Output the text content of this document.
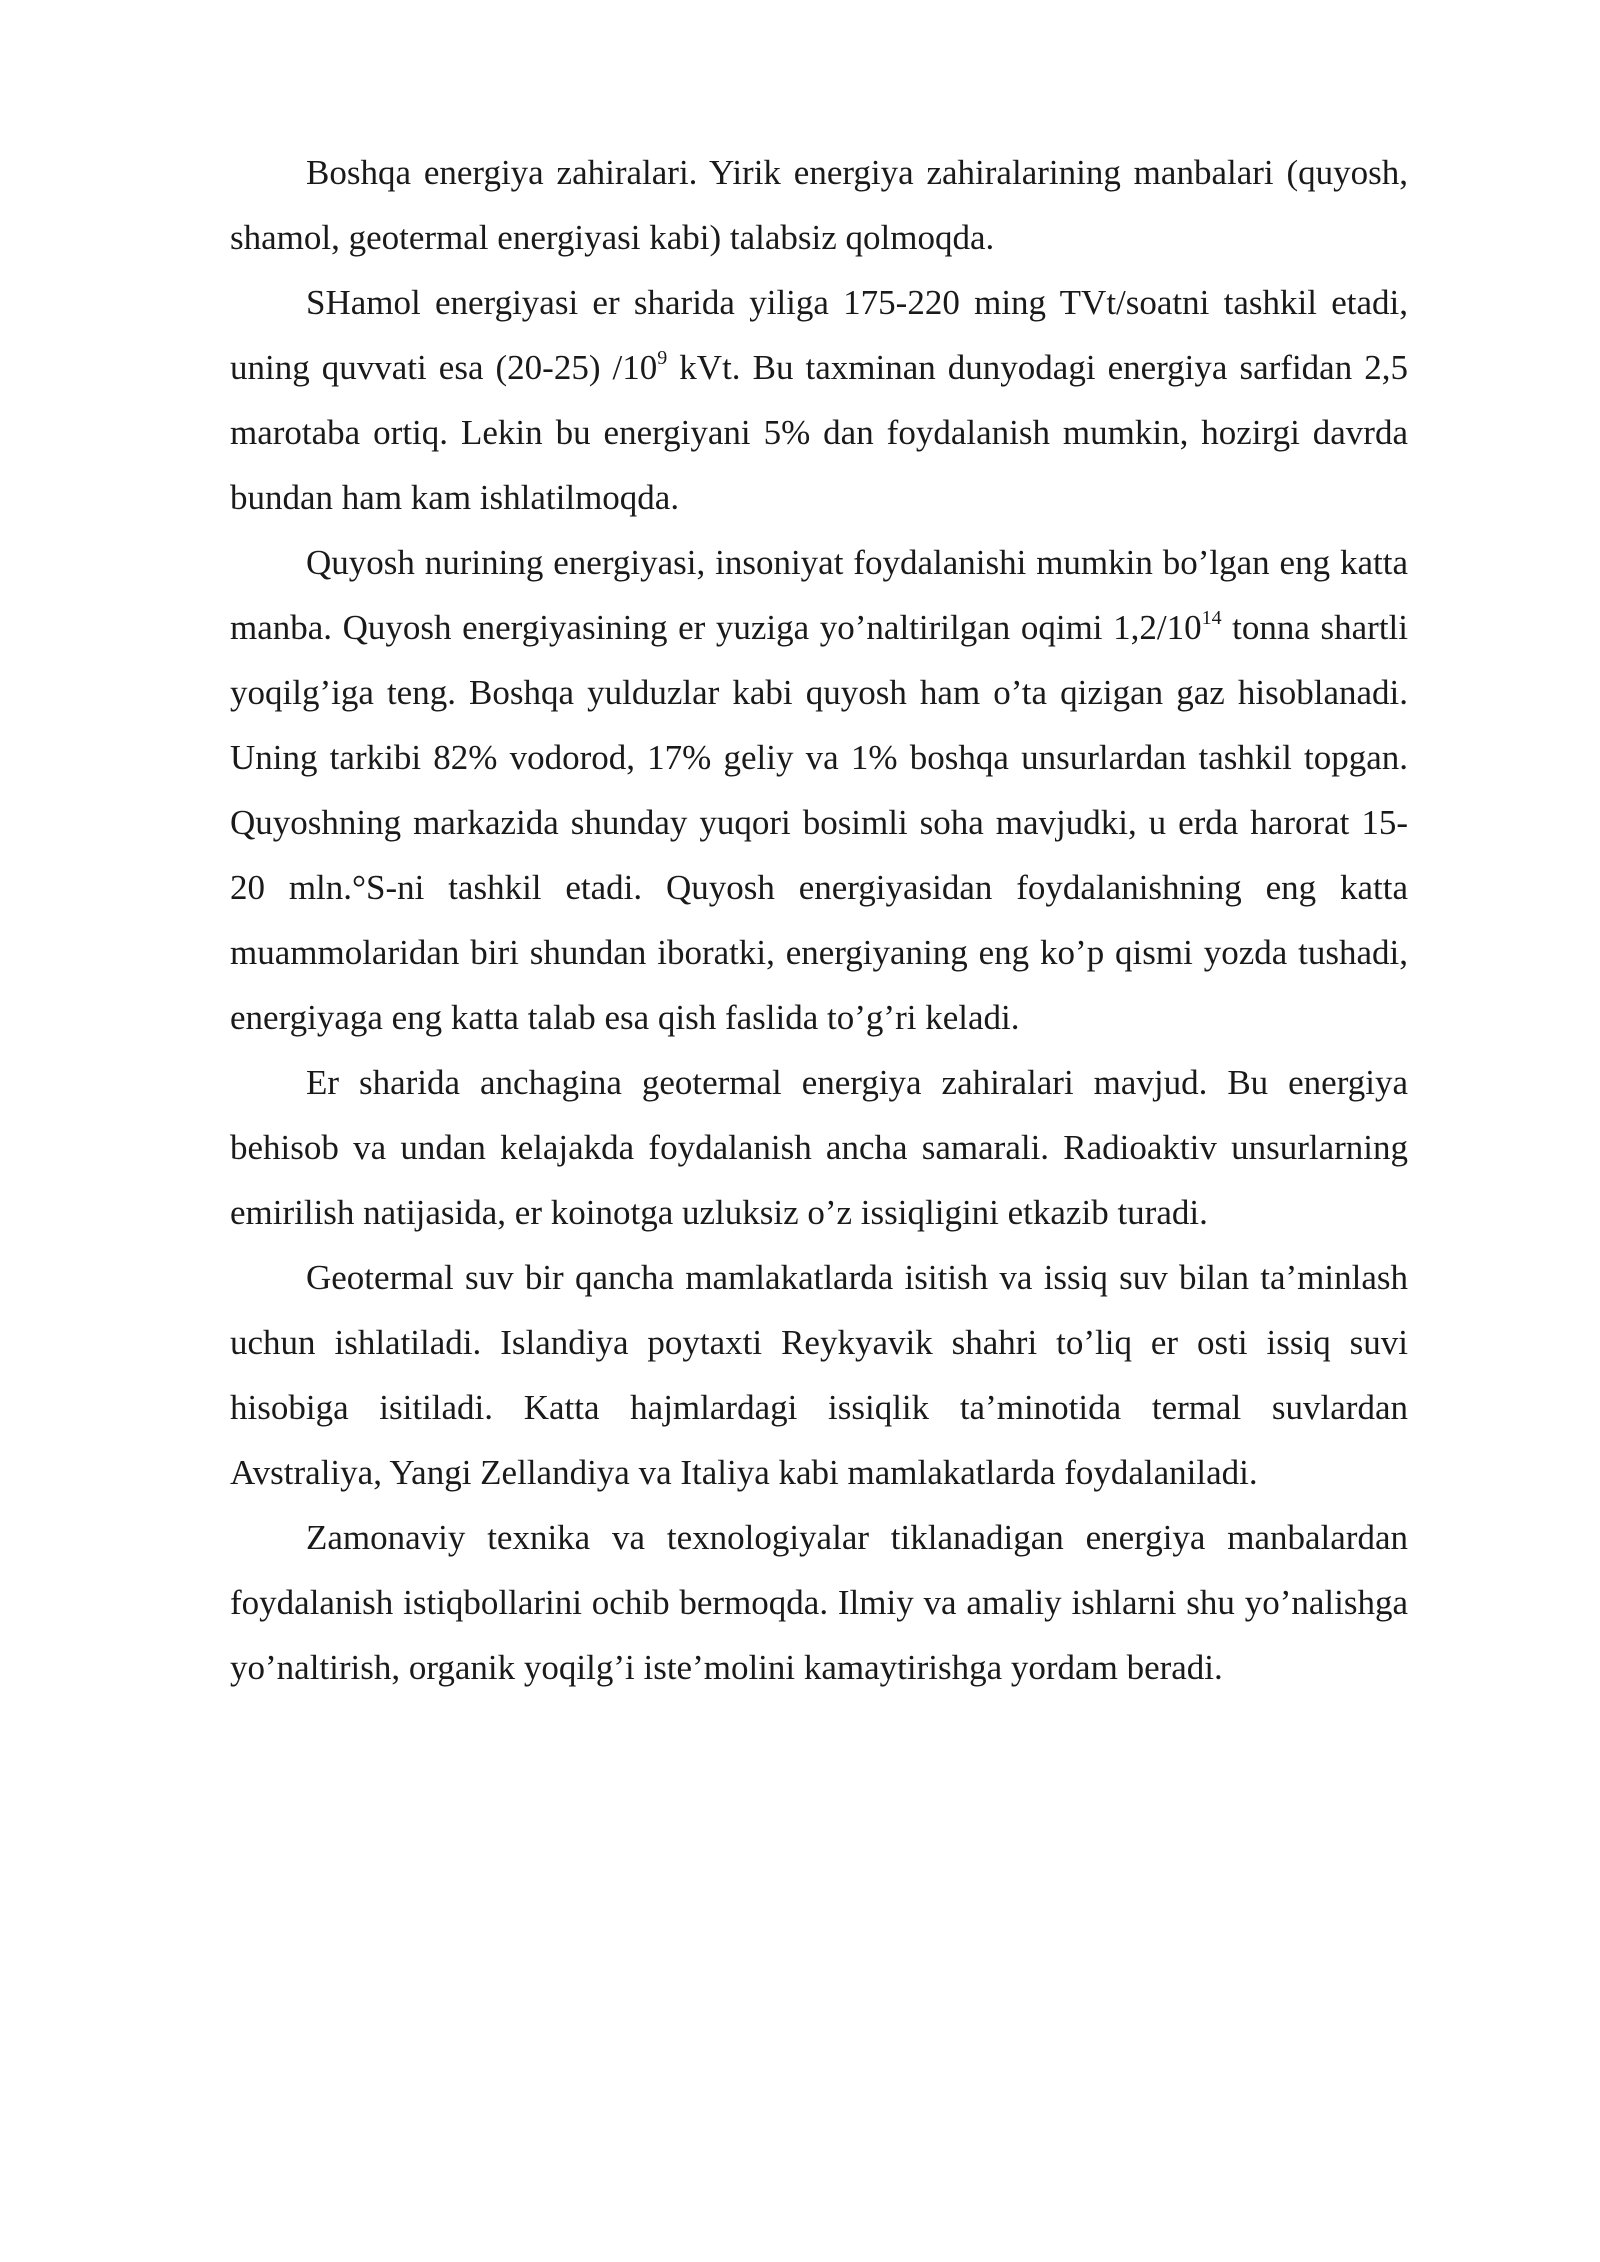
Boshqa energiya zahiralari. Yirik energiya zahiralarining manbalari (quyosh, shamol, geotermal energiyasi kabi) talabsiz qolmoqda.

SHamol energiyasi er sharida yiliga 175-220 ming TVt/soatni tashkil etadi, uning quvvati esa (20-25) $/10^9$ kVt. Bu taxminan dunyodagi energiya sarfidan 2,5 marotaba ortiq. Lekin bu energiyani 5% dan foydalanish mumkin, hozirgi davrda bundan ham kam ishlatilmoqda.

Quyosh nurining energiyasi, insoniyat foydalanishi mumkin bo’lgan eng katta manba. Quyosh energiyasining er yuziga yo’naltirilgan oqimi $1,2/10^{14}$ tonna shartli yoqilg’iga teng. Boshqa yulduzlar kabi quyosh ham o’ta qizigan gaz hisoblanadi. Uning tarkibi 82% vodorod, 17% geliy va 1% boshqa unsurlardan tashkil topgan. Quyoshning markazida shunday yuqori bosimli soha mavjudki, u erda harorat 15-20 mln.°S-ni tashkil etadi. Quyosh energiyasidan foydalanishning eng katta muammolaridan biri shundan iboratki, energiyaning eng ko’p qismi yozda tushadi, energiyaga eng katta talab esa qish faslida to’g’ri keladi.

Er sharida anchagina geotermal energiya zahiralari mavjud. Bu energiya behisob va undan kelajakda foydalanish ancha samarali. Radioaktiv unsurlarning emirilish natijasida, er koinotga uzluksiz o’z issiqligini etkazib turadi.

Geotermal suv bir qancha mamlakatlarda isitish va issiq suv bilan ta’minlash uchun ishlatiladi. Islandiya poytaxti Reykyavik shahri to’liq er osti issiq suvi hisobiga isitiladi. Katta hajmlardagi issiqlik ta’minotida termal suvlardan Avstraliya, Yangi Zellandiya va Italiya kabi mamlakatlarda foydalaniladi.

Zamonaviy texnika va texnologiyalar tiklanadigan energiya manbalardan foydalanish istiqbollarini ochib bermoqda. Ilmiy va amaliy ishlarni shu yo’nalishga yo’naltirish, organik yoqilg’i iste’molini kamaytirishga yordam beradi.
